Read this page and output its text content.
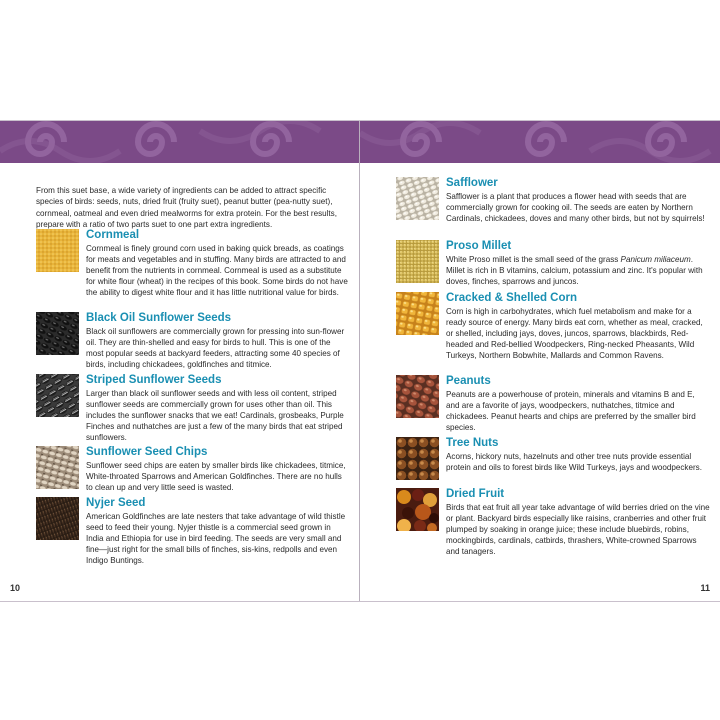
From this suet base, a wide variety of ingredients can be added to attract specific species of birds: seeds, nuts, dried fruit (fruity suet), peanut butter (pea-nutty suet), cornmeal, oatmeal and even dried mealworms for extra protein. For the best results, prepare with a ratio of two parts suet to one part extra ingredients.

Cornmeal

Cornmeal is finely ground corn used in baking quick breads, as coatings for meats and vegetables and in stuffing. Many birds are attracted to and benefit from the nutrients in cornmeal. Cornmeal is used as a substitute for white flour (wheat) in the recipes of this book. Some birds do not have the ability to digest white flour and it has little nutritional value for birds.

Black Oil Sunflower Seeds

Black oil sunflowers are commercially grown for pressing into sun-flower oil. They are thin-shelled and easy for birds to hull. This is one of the most popular seeds at backyard feeders, attracting some 40 species of birds, including chickadees, goldfinches and titmice.

Striped Sunflower Seeds

Larger than black oil sunflower seeds and with less oil content, striped sunflower seeds are commercially grown for uses other than oil. This includes the sunflower snacks that we eat! Cardinals, grosbeaks, Purple Finches and nuthatches are just a few of the many birds that eat striped sunflowers.

Sunflower Seed Chips

Sunflower seed chips are eaten by smaller birds like chickadees, titmice, White-throated Sparrows and American Goldfinches. There are no hulls to clean up and very little seed is wasted.

Nyjer Seed

American Goldfinches are late nesters that take advantage of wild thistle seed to feed their young. Nyjer thistle is a commercial seed grown in India and Ethiopia for use in bird feeding. The seeds are very small and fine—just right for the small bills of finches, sis-kins, redpolls and even Indigo Buntings.

10

Safflower

Safflower is a plant that produces a flower head with seeds that are commercially grown for cooking oil. The seeds are eaten by Northern Cardinals, chickadees, doves and many other birds, but not by squirrels!

Proso Millet

White Proso millet is the small seed of the grass Panicum miliaceum. Millet is rich in B vitamins, calcium, potassium and zinc. It's popular with doves, finches, sparrows and juncos.

Cracked & Shelled Corn

Corn is high in carbohydrates, which fuel metabolism and make for a ready source of energy. Many birds eat corn, whether as meal, cracked, or shelled, including jays, doves, juncos, sparrows, blackbirds, Red-headed and Red-bellied Woodpeckers, Ring-necked Pheasants, Wild Turkeys, Northern Bobwhite, Mallards and Common Ravens.

Peanuts

Peanuts are a powerhouse of protein, minerals and vitamins B and E, and are a favorite of jays, woodpeckers, nuthatches, titmice and chickadees. Peanut hearts and chips are preferred by the smaller bird species.

Tree Nuts

Acorns, hickory nuts, hazelnuts and other tree nuts provide essential protein and oils to forest birds like Wild Turkeys, jays and woodpeckers.

Dried Fruit

Birds that eat fruit all year take advantage of wild berries dried on the vine or plant. Backyard birds especially like raisins, cranberries and other fruit plumped by soaking in orange juice; these include bluebirds, robins, mockingbirds, cardinals, catbirds, thrashers, White-crowned Sparrows and tanagers.

11
